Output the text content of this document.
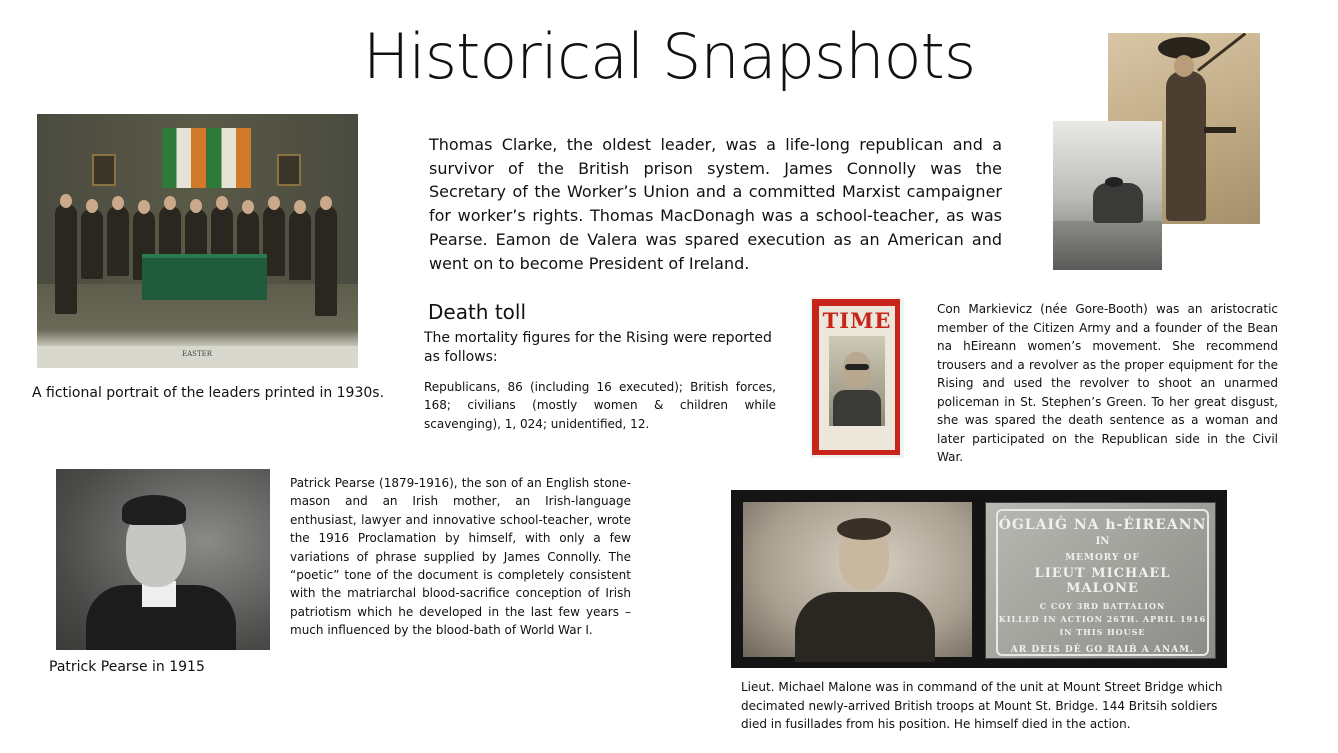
Historical Snapshots
EASTER
A fictional portrait of the leaders printed in 1930s.
Thomas Clarke, the oldest leader, was a life-long republican and a survivor of the British prison system. James Connolly was the Secretary of the Worker’s Union and a committed Marxist campaigner for worker’s rights. Thomas MacDonagh was a school-teacher, as was Pearse. Eamon de Valera was spared execution as an American and went on to become President of Ireland.
Death toll
The mortality figures for the Rising were reported as follows:
Republicans, 86 (including 16 executed); British forces, 168; civilians (mostly women & children while scavenging), 1, 024; unidentified, 12.
TIME	Con Markievicz (née Gore-Booth) was an aristocratic member of the Citizen Army and a founder of the Bean na hEireann women’s movement. She recommend trousers and a revolver as the proper equipment for the Rising and used the revolver to shoot an unarmed policeman in St. Stephen’s Green. To her great disgust, she was spared the death sentence as a woman and later participated on the Republican side in the Civil War.
Patrick Pearse in 1915
Patrick Pearse (1879-1916), the son of an English stone-mason and an Irish mother, an Irish-language enthusiast, lawyer and innovative school-teacher, wrote the 1916 Proclamation by himself, with only a few variations of phrase supplied by James Connolly. The “poetic” tone of the document is completely consistent with the matriarchal blood-sacrifice conception of Irish patriotism which he developed in the last few years – much influenced by the blood-bath of World War I.
ÓGLAIĠ NA h-ÉIREANN
IN
MEMORY OF
LIEUT MICHAEL MALONE
C COY 3RD BATTALION
KILLED IN ACTION 26TH. APRIL 1916
IN THIS HOUSE
AR DEIS DÉ GO RAIḂ A ANAM.
Lieut. Michael Malone was in command of the unit at Mount Street Bridge which decimated newly-arrived British troops at Mount St. Bridge. 144 Britsih soldiers died in fusillades from his position. He himself died in the action.
